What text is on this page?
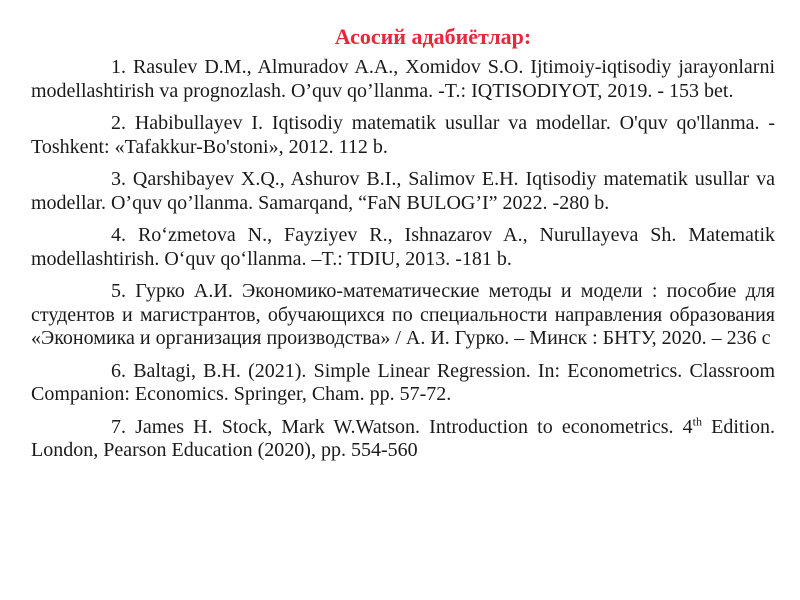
Асосий адабиётлар:

1. Rasulev D.M., Almuradov A.A., Xomidov S.O. Ijtimoiy-iqtisodiy jarayonlarni modellashtirish va prognozlash. O’quv qo’llanma. -T.: IQTISODIYOT, 2019. - 153 bet.

2. Habibullayev I. Iqtisodiy matematik usullar va modellar. O'quv qo'llanma. -Toshkent: «Tafakkur-Bo'stoni», 2012. 112 b.

3. Qarshibayev X.Q., Ashurov B.I., Salimov E.H. Iqtisodiy matematik usullar va modellar. O’quv qo’llanma. Samarqand, “FaN BULOG’I” 2022. -280 b.

4. Ro‘zmetova N., Fayziyev R., Ishnazarov A., Nurullayeva Sh. Matematik modellashtirish. O‘quv qo‘llanma. –T.: TDIU, 2013. -181 b.

5. Гурко А.И. Экономико-математические методы и модели : пособие для студентов и магистрантов, обучающихся по специальности направления образования «Экономика и организация производства» / А. И. Гурко. – Минск : БНТУ, 2020. – 236 с

6. Baltagi, B.H. (2021). Simple Linear Regression. In: Econometrics. Classroom Companion: Economics. Springer, Cham. pp. 57-72.

7. James H. Stock, Mark W.Watson. Introduction to econometrics. 4th Edition. London, Pearson Education (2020), pp. 554-560
